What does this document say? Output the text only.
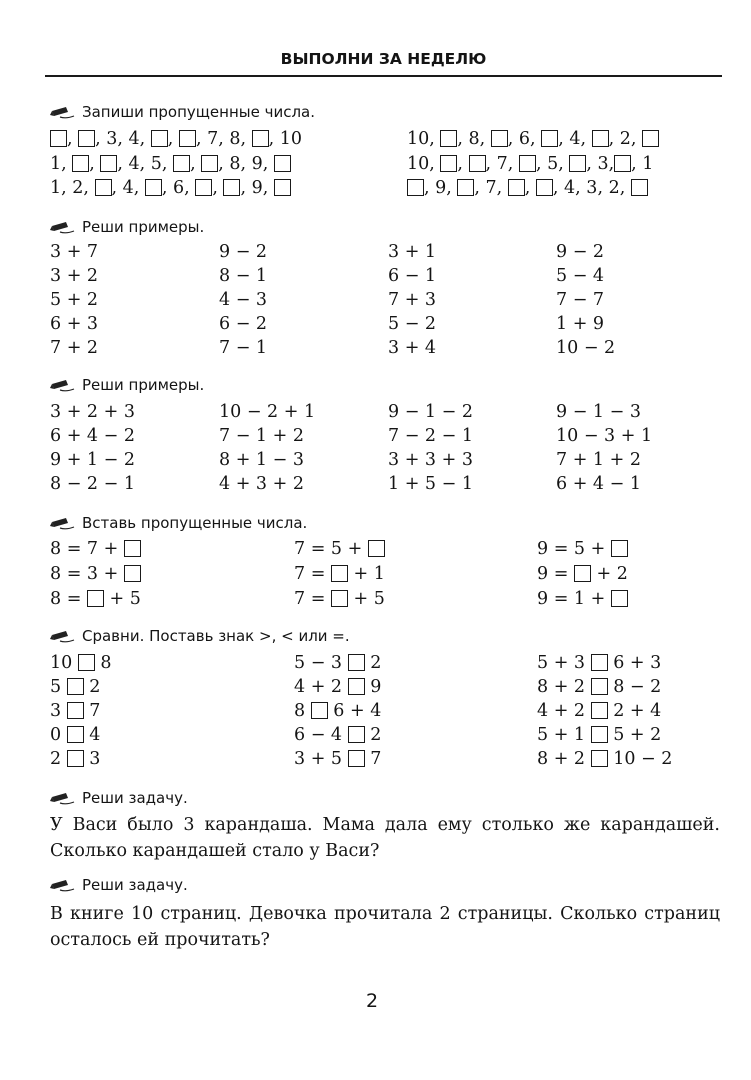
ВЫПОЛНИ ЗА НЕДЕЛЮ
Запиши пропущенные числа.
Реши примеры.
Реши примеры.
Вставь пропущенные числа.
Сравни. Поставь знак >, < или =.
Реши задачу.
Реши задачу.
, , 3, 4, , , 7, 8, , 10
1, , , 4, 5, , , 8, 9,
1, 2, , 4, , 6, , , 9,
10, , 8, , 6, , 4, , 2,
10, , , 7, , 5, , 3, , 1
, 9, , 7, , , 4, 3, 2,
3 + 7
3 + 2
5 + 2
6 + 3
7 + 2
9 − 2
8 − 1
4 − 3
6 − 2
7 − 1
3 + 1
6 − 1
7 + 3
5 − 2
3 + 4
9 − 2
5 − 4
7 − 7
1 + 9
10 − 2
3 + 2 + 3
6 + 4 − 2
9 + 1 − 2
8 − 2 − 1
10 − 2 + 1
7 − 1 + 2
8 + 1 − 3
4 + 3 + 2
9 − 1 − 2
7 − 2 − 1
3 + 3 + 3
1 + 5 − 1
9 − 1 − 3
10 − 3 + 1
7 + 1 + 2
6 + 4 − 1
8 = 7 +
8 = 3 +
8 =  + 5
7 = 5 +
7 =  + 1
7 =  + 5
9 = 5 +
9 =  + 2
9 = 1 +
10  8
5  2
3  7
0  4
2  3
5 − 3  2
4 + 2  9
8  6 + 4
6 − 4  2
3 + 5  7
5 + 3  6 + 3
8 + 2  8 − 2
4 + 2  2 + 4
5 + 1  5 + 2
8 + 2  10 − 2
У Васи было 3 карандаша. Мама дала ему столько же карандашей. Сколько карандашей стало у Васи?
В книге 10 страниц. Девочка прочитала 2 страницы. Сколько страниц осталось ей прочитать?
2
